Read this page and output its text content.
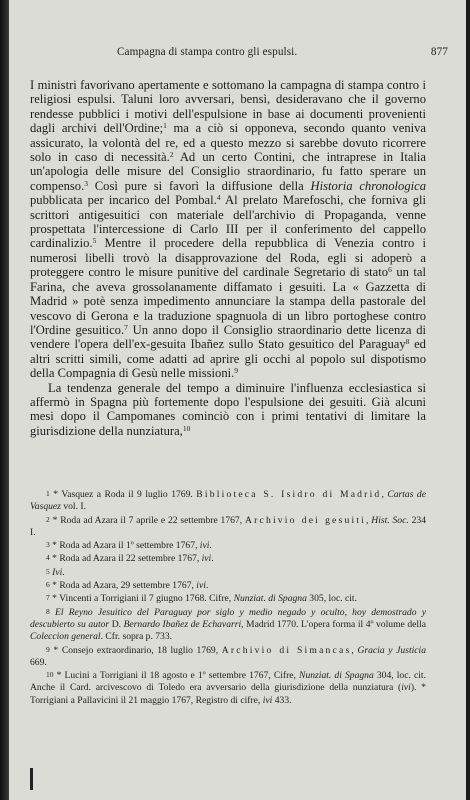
Campagna di stampa contro gli espulsi.	877

I ministri favorivano apertamente e sottomano la campagna di stampa contro i religiosi espulsi. Taluni loro avversari, bensì, desideravano che il governo rendesse pubblici i motivi dell'espulsione in base ai documenti provenienti dagli archivi dell'Ordine;$^1$ ma a ciò si opponeva, secondo quanto veniva assicurato, la volontà del re, ed a questo mezzo si sarebbe dovuto ricorrere solo in caso di necessità.$^2$ Ad un certo Contini, che intraprese in Italia un'apologia delle misure del Consiglio straordinario, fu fatto sperare un compenso.$^3$ Così pure si favorì la diffusione della Historia chronologica pubblicata per incarico del Pombal.$^4$ Al prelato Marefoschi, che forniva gli scrittori antigesuitici con materiale dell'archivio di Propaganda, venne prospettata l'intercessione di Carlo III per il conferimento del cappello cardinalizio.$^5$ Mentre il procedere della repubblica di Venezia contro i numerosi libelli trovò la disapprovazione del Roda, egli si adoperò a proteggere contro le misure punitive del cardinale Segretario di stato$^6$ un tal Farina, che aveva grossolanamente diffamato i gesuiti. La « Gazzetta di Madrid » potè senza impedimento annunciare la stampa della pastorale del vescovo di Gerona e la traduzione spagnuola di un libro portoghese contro l'Ordine gesuitico.$^7$ Un anno dopo il Consiglio straordinario dette licenza di vendere l'opera dell'ex-gesuita Ibañez sullo Stato gesuitico del Paraguay$^8$ ed altri scritti simili, come adatti ad aprire gli occhi al popolo sul dispotismo della Compagnia di Gesù nelle missioni.$^9$

La tendenza generale del tempo a diminuire l'influenza ecclesiastica si affermò in Spagna più fortemente dopo l'espulsione dei gesuiti. Già alcuni mesi dopo il Campomanes cominciò con i primi tentativi di limitare la giurisdizione della nunziatura,$^{10}$

1 * Vasquez a Roda il 9 luglio 1769. Biblioteca S. Isidro di Madrid, Cartas de Vasquez vol. I.

2 * Roda ad Azara il 7 aprile e 22 settembre 1767, Archivio dei gesuiti, Hist. Soc. 234 I.

3 * Roda ad Azara il 1º settembre 1767, ivi.

4 * Roda ad Azara il 22 settembre 1767, ivi.

5 Ivi.

6 * Roda ad Azara, 29 settembre 1767, ivi.

7 * Vincenti a Torrigiani il 7 giugno 1768. Cifre, Nunziat. di Spagna 305, loc. cit.

8 El Reyno Jesuitico del Paraguay por siglo y medio negado y oculto, hoy demostrado y descubierto su autor D. Bernardo Ibañez de Echavarri, Madrid 1770. L'opera forma il 4º volume della Coleccion general. Cfr. sopra p. 733.

9 * Consejo extraordinario, 18 luglio 1769, Archivio di Simancas, Gracia y Justicia 669.

10 * Lucini a Torrigiani il 18 agosto e 1º settembre 1767, Cifre, Nunziat. di Spagna 304, loc. cit. Anche il Card. arcivescovo di Toledo era avversario della giurisdizione della nunziatura (ivi). * Torrigiani a Pallavicini il 21 maggio 1767, Registro di cifre, ivi 433.
